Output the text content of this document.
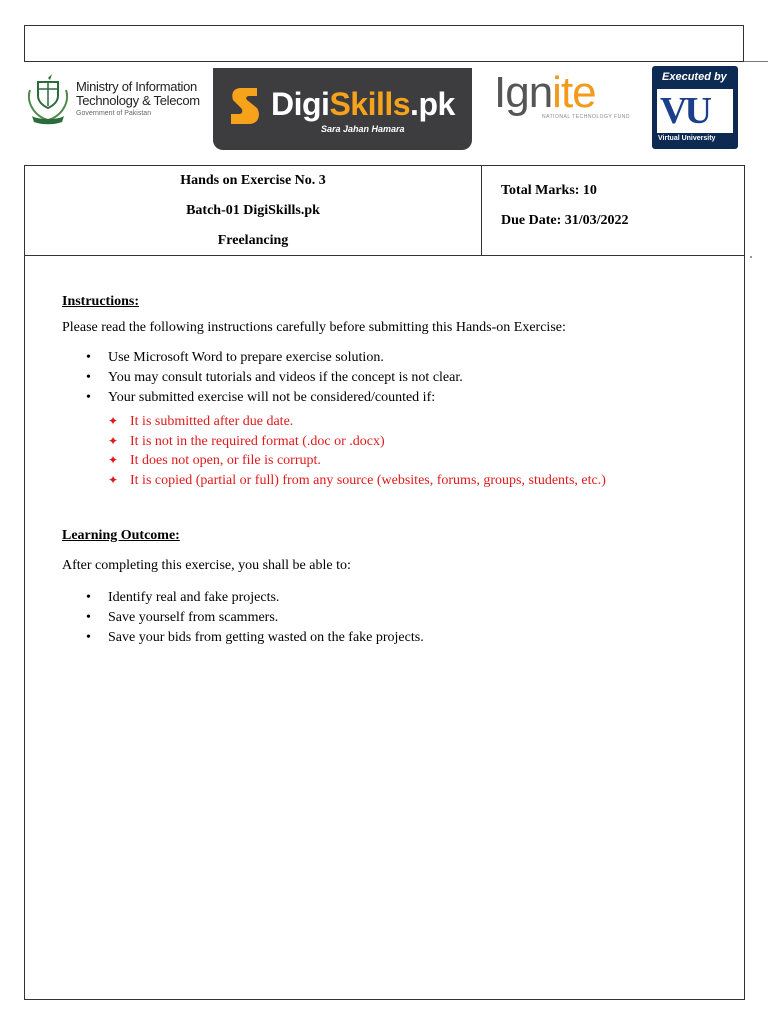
Ministry of Information
Technology & Telecom
Government of Pakistan	DigiSkills.pk
Sara Jahan Hamara
Ignite
NATIONAL TECHNOLOGY FUND
Executed by
VU
Virtual University
Hands on Exercise No. 3
Batch-01 DigiSkills.pk
Freelancing
Total Marks: 10
Due Date: 31/03/2022
Instructions:
Please read the following instructions carefully before submitting this Hands-on Exercise:
• Use Microsoft Word to prepare exercise solution.
• You may consult tutorials and videos if the concept is not clear.
• Your submitted exercise will not be considered/counted if:
✦ It is submitted after due date.
✦ It is not in the required format (.doc or .docx)
✦ It does not open, or file is corrupt.
✦ It is copied (partial or full) from any source (websites, forums, groups, students, etc.)
Learning Outcome:
After completing this exercise, you shall be able to:
• Identify real and fake projects.
• Save yourself from scammers.
• Save your bids from getting wasted on the fake projects.
